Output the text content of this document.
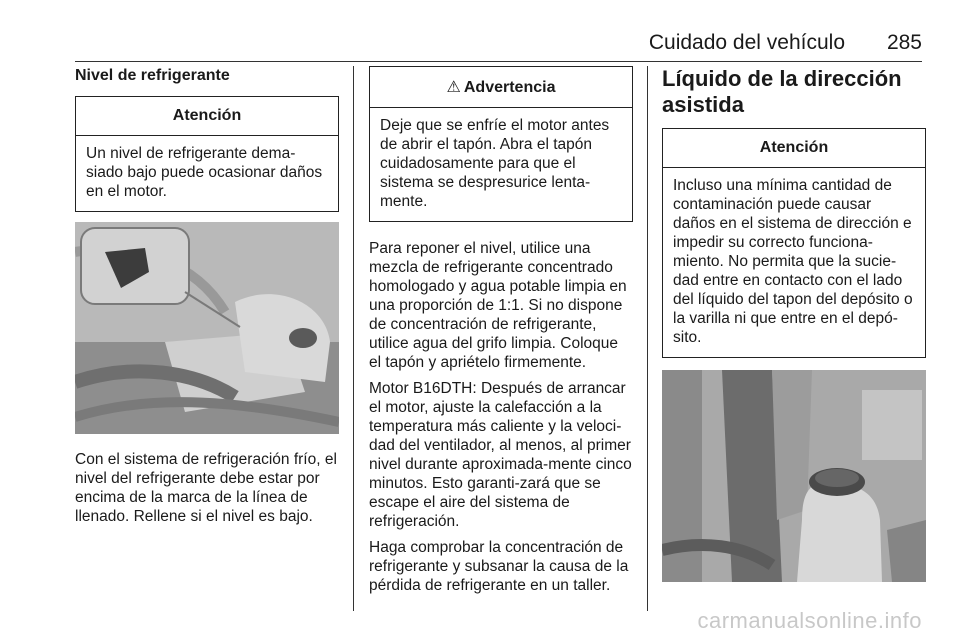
Cuidado del vehículo 285
Nivel de refrigerante
Atención
Un nivel de refrigerante dema-siado bajo puede ocasionar daños en el motor.

Con el sistema de refrigeración frío, el nivel del refrigerante debe estar por encima de la marca de la línea de llenado. Rellene si el nivel es bajo.

⚠ Advertencia
Deje que se enfríe el motor antes de abrir el tapón. Abra el tapón cuidadosamente para que el sistema se despresurice lenta-mente.

Para reponer el nivel, utilice una mezcla de refrigerante concentrado homologado y agua potable limpia en una proporción de 1:1. Si no dispone de concentración de refrigerante, utilice agua del grifo limpia. Coloque el tapón y apriételo firmemente.

Motor B16DTH: Después de arrancar el motor, ajuste la calefacción a la temperatura más caliente y la veloci-dad del ventilador, al menos, al primer nivel durante aproximada-mente cinco minutos. Esto garanti-zará que se escape el aire del sistema de refrigeración.

Haga comprobar la concentración de refrigerante y subsanar la causa de la pérdida de refrigerante en un taller.

Líquido de la dirección asistida
Atención
Incluso una mínima cantidad de contaminación puede causar daños en el sistema de dirección e impedir su correcto funciona-miento. No permita que la sucie-dad entre en contacto con el lado del líquido del tapon del depósito o la varilla ni que entre en el depó-sito.
carmanualsonline.info
